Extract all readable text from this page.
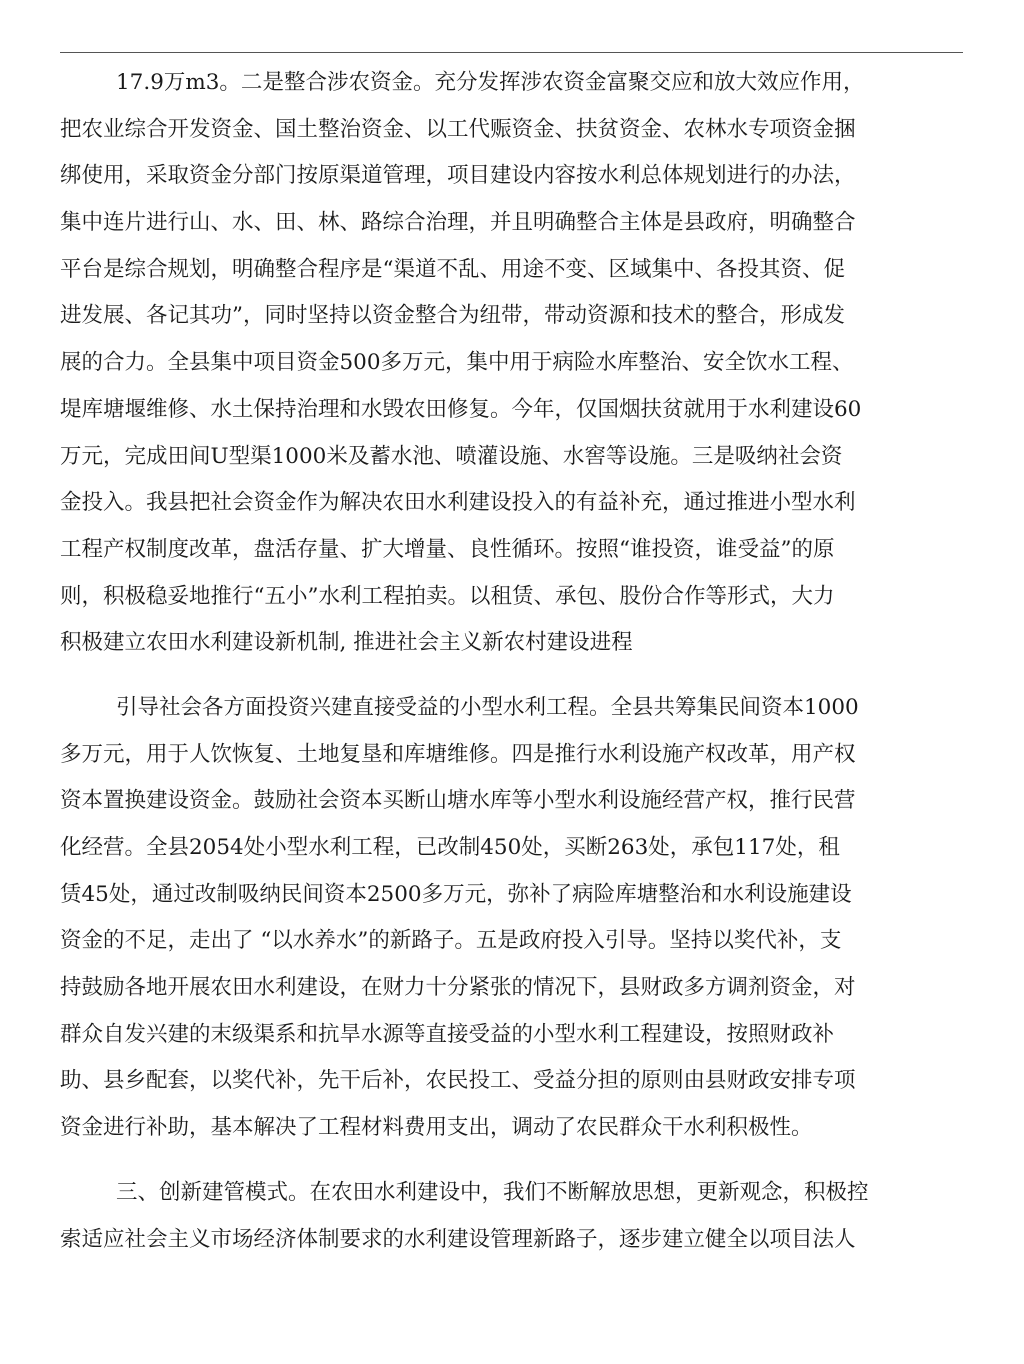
17.9万m3。二是整合涉农资金。充分发挥涉农资金富聚交应和放大效应作用，
把农业综合开发资金、国土整治资金、以工代赈资金、扶贫资金、农林水专项资金捆
绑使用，采取资金分部门按原渠道管理，项目建设内容按水利总体规划进行的办法，
集中连片进行山、水、田、林、路综合治理，并且明确整合主体是县政府，明确整合
平台是综合规划，明确整合程序是“渠道不乱、用途不变、区域集中、各投其资、促
进发展、各记其功”，同时坚持以资金整合为纽带，带动资源和技术的整合，形成发
展的合力。全县集中项目资金500多万元，集中用于病险水库整治、安全饮水工程、
堤库塘堰维修、水土保持治理和水毁农田修复。今年，仅国烟扶贫就用于水利建设60
万元，完成田间U型渠1000米及蓄水池、喷灌设施、水窖等设施。三是吸纳社会资
金投入。我县把社会资金作为解决农田水利建设投入的有益补充，通过推进小型水利
工程产权制度改革，盘活存量、扩大增量、良性循环。按照“谁投资，谁受益”的原
则，积极稳妥地推行“五小”水利工程拍卖。以租赁、承包、股份合作等形式，大力
积极建立农田水利建设新机制, 推进社会主义新农村建设进程
引导社会各方面投资兴建直接受益的小型水利工程。全县共筹集民间资本1000
多万元，用于人饮恢复、土地复垦和库塘维修。四是推行水利设施产权改革，用产权
资本置换建设资金。鼓励社会资本买断山塘水库等小型水利设施经营产权，推行民营
化经营。全县2054处小型水利工程，已改制450处，买断263处，承包117处，租
赁45处，通过改制吸纳民间资本2500多万元，弥补了病险库塘整治和水利设施建设
资金的不足，走出了 “以水养水”的新路子。五是政府投入引导。坚持以奖代补，支
持鼓励各地开展农田水利建设，在财力十分紧张的情况下，县财政多方调剂资金，对
群众自发兴建的末级渠系和抗旱水源等直接受益的小型水利工程建设，按照财政补
助、县乡配套，以奖代补，先干后补，农民投工、受益分担的原则由县财政安排专项
资金进行补助，基本解决了工程材料费用支出，调动了农民群众干水利积极性。
三、创新建管模式。在农田水利建设中，我们不断解放思想，更新观念，积极控
索适应社会主义市场经济体制要求的水利建设管理新路子，逐步建立健全以项目法人
